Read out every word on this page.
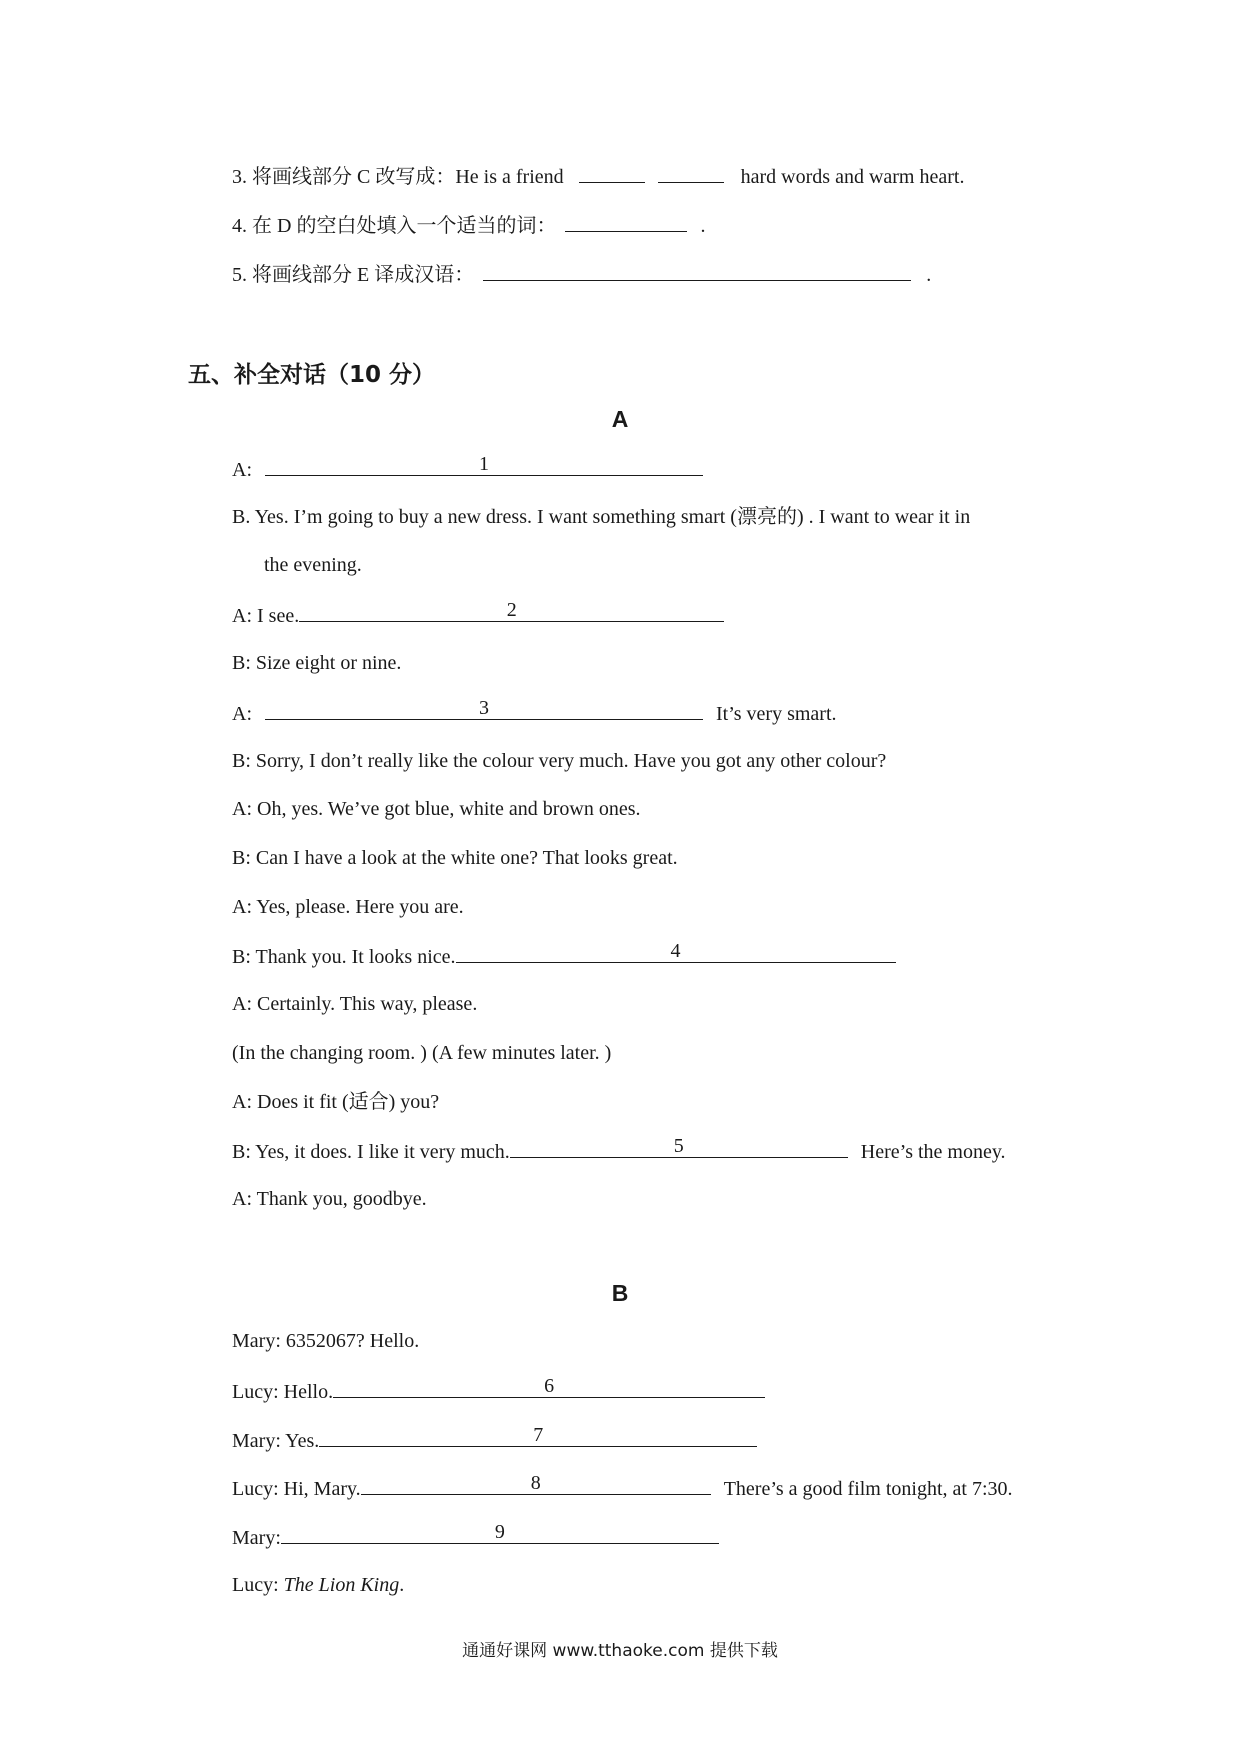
3. 将画线部分 C 改写成：He is a friend	hard words and warm heart.
4. 在 D 的空白处填入一个适当的词：	.
5. 将画线部分 E 译成汉语：	.
五、补全对话（10 分）
A
A:	1
B. Yes. I’m going to buy a new dress. I want something smart (漂亮的) . I want to wear it in
the evening.
A: I see.	2
B: Size eight or nine.
A:	3	It’s very smart.
B: Sorry, I don’t really like the colour very much. Have you got any other colour?
A: Oh, yes. We’ve got blue, white and brown ones.
B: Can I have a look at the white one? That looks great.
A: Yes, please. Here you are.
B: Thank you. It looks nice.	4
A: Certainly. This way, please.
(In the changing room. ) (A few minutes later. )
A: Does it fit (适合) you?
B: Yes, it does. I like it very much.	5	Here’s the money.
A: Thank you, goodbye.
B
Mary: 6352067? Hello.
Lucy: Hello.	6
Mary: Yes.	7
Lucy: Hi, Mary.	8	There’s a good film tonight, at 7:30.
Mary:	9
Lucy: The Lion King.
通通好课网 www.tthaoke.com 提供下载
